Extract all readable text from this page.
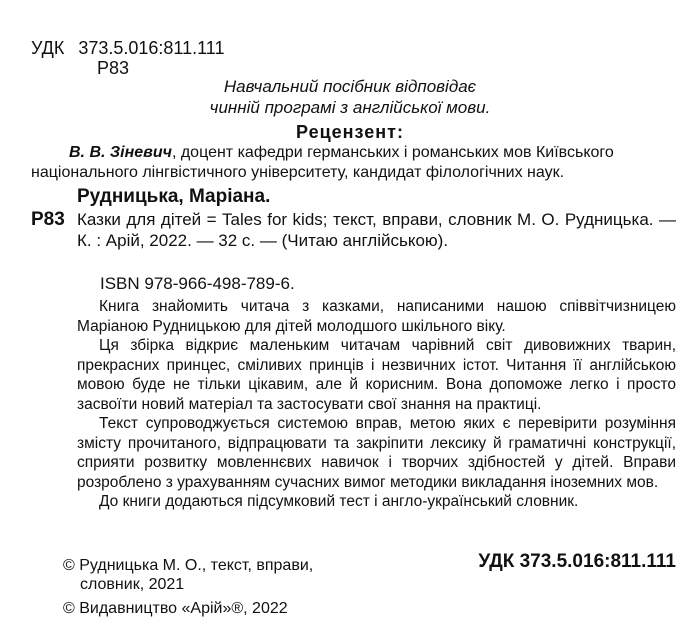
УДК 373.5.016:811.111
Р83
Навчальний посібник відповідає
чинній програмі з англійської мови.
Рецензент:
В. В. Зіневич, доцент кафедри германських і романських мов Київського національного лінгвістичного університету, кандидат філологічних наук.
Рудницька, Маріана.
Р83 Казки для дітей = Tales for kids; текст, вправи, словник М. О. Рудницька. — К. : Арій, 2022. — 32 с. — (Читаю англійською).
ISBN 978-966-498-789-6.

Книга знайомить читача з казками, написаними нашою співвітчизницею Маріаною Рудницькою для дітей молодшого шкільного віку.

Ця збірка відкриє маленьким читачам чарівний світ дивовижних тварин, прекрасних принцес, сміливих принців і незвичних істот. Читання її англійською мовою буде не тільки цікавим, але й корисним. Вона допоможе легко і просто засвоїти новий матеріал та застосувати свої знання на практиці.

Текст супроводжується системою вправ, метою яких є перевірити розуміння змісту прочитаного, відпрацювати та закріпити лексику й граматичні конструкції, сприяти розвитку мовленнєвих навичок і творчих здібностей у дітей. Вправи розроблено з урахуванням сучасних вимог методики викладання іноземних мов.

До книги додаються підсумковий тест і англо-український словник.

© Рудницька М. О., текст, вправи,
словник, 2021
УДК 373.5.016:811.111
© Видавництво «Арій»®, 2022
